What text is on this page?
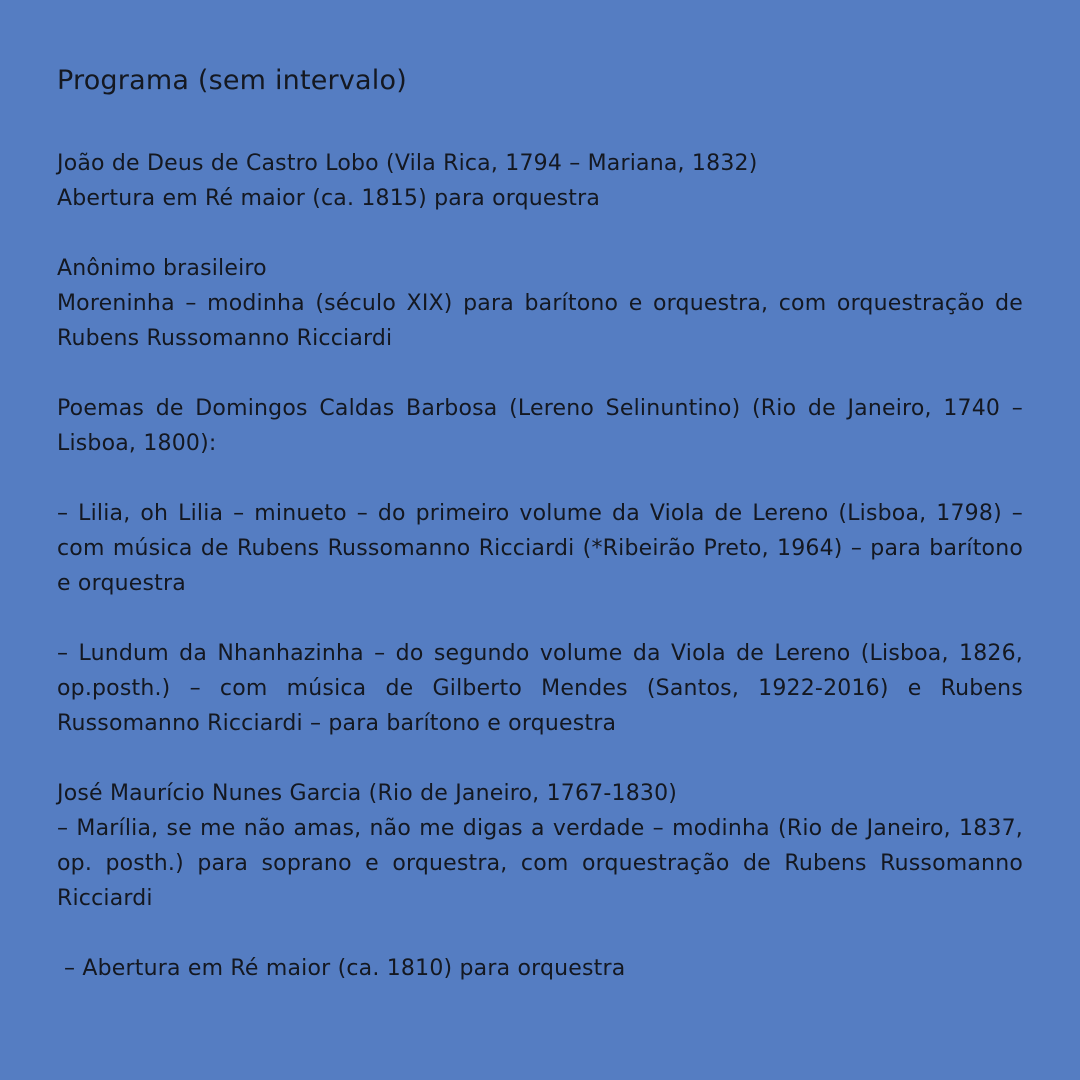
Programa (sem intervalo)

João de Deus de Castro Lobo (Vila Rica, 1794 – Mariana, 1832)

Abertura em Ré maior (ca. 1815) para orquestra

Anônimo brasileiro

Moreninha – modinha (século XIX) para barítono e orquestra, com orquestração de Rubens Russomanno Ricciardi

Poemas de Domingos Caldas Barbosa (Lereno Selinuntino) (Rio de Janeiro, 1740 – Lisboa, 1800):

– Lilia, oh Lilia – minueto – do primeiro volume da Viola de Lereno (Lisboa, 1798) – com música de Rubens Russomanno Ricciardi (*Ribeirão Preto, 1964) – para barítono e orquestra

– Lundum da Nhanhazinha – do segundo volume da Viola de Lereno (Lisboa, 1826, op.posth.) – com música de Gilberto Mendes (Santos, 1922-2016) e Rubens Russomanno Ricciardi – para barítono e orquestra

José Maurício Nunes Garcia (Rio de Janeiro, 1767-1830)

– Marília, se me não amas, não me digas a verdade – modinha (Rio de Janeiro, 1837, op. posth.) para soprano e orquestra, com orquestração de Rubens Russomanno Ricciardi

– Abertura em Ré maior (ca. 1810) para orquestra
